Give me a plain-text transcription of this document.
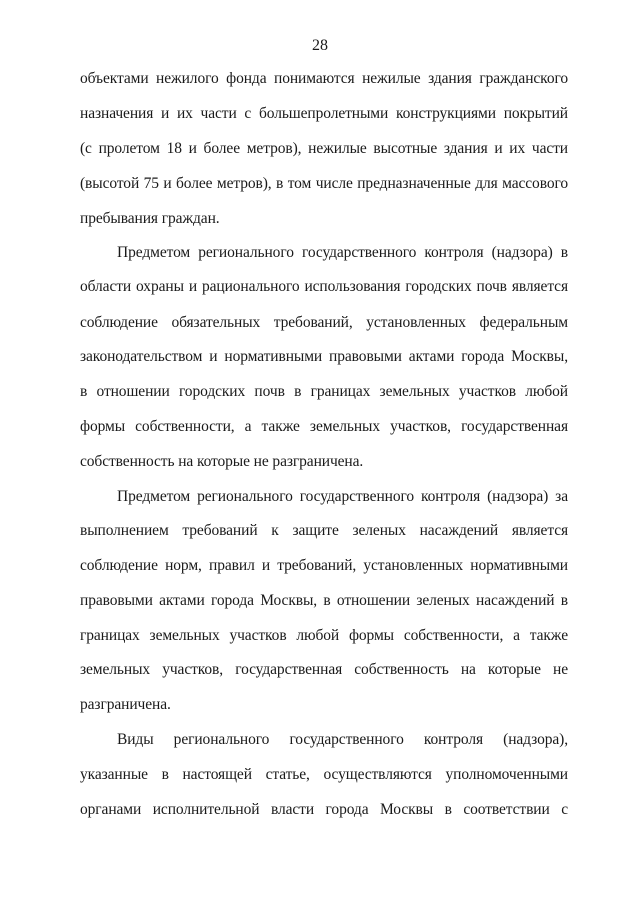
28
объектами нежилого фонда понимаются нежилые здания гражданского
назначения и их части с большепролетными конструкциями покрытий
(с пролетом 18 и более метров), нежилые высотные здания и их части
(высотой 75 и более метров), в том числе предназначенные для массового
пребывания граждан.
Предметом регионального государственного контроля (надзора) в
области охраны и рационального использования городских почв является
соблюдение обязательных требований, установленных федеральным
законодательством и нормативными правовыми актами города Москвы,
в отношении городских почв в границах земельных участков любой
формы собственности, а также земельных участков, государственная
собственность на которые не разграничена.
Предметом регионального государственного контроля (надзора) за
выполнением требований к защите зеленых насаждений является
соблюдение норм, правил и требований, установленных нормативными
правовыми актами города Москвы, в отношении зеленых насаждений в
границах земельных участков любой формы собственности, а также
земельных участков, государственная собственность на которые не
разграничена.
Виды регионального государственного контроля (надзора),
указанные в настоящей статье, осуществляются уполномоченными
органами исполнительной власти города Москвы в соответствии с
